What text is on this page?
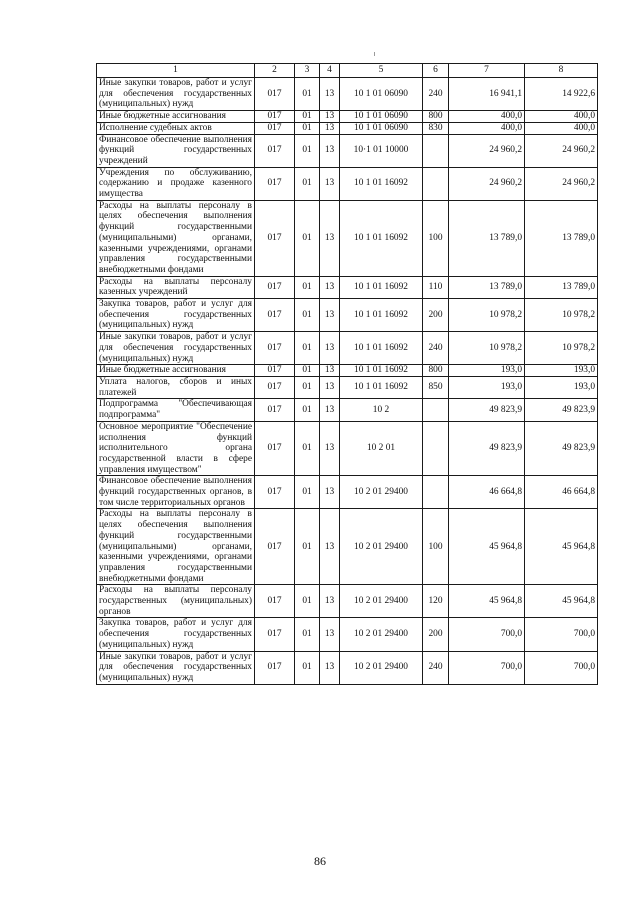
1	2	3	4	5	6	7	8
Иные закупки товаров, работ и услуг для обеспечения государственных (муниципальных) нужд	017	01	13	10 1 01 06090	240	16 941,1	14 922,6
Иные бюджетные ассигнования	017	01	13	10 1 01 06090	800	400,0	400,0
Исполнение судебных актов	017	01	13	10 1 01 06090	830	400,0	400,0
Финансовое обеспечение выполнения функций государственных учреждений	017	01	13	10·1 01 10000		24 960,2	24 960,2
Учреждения по обслуживанию, содержанию и продаже казенного имущества	017	01	13	10 1 01 16092		24 960,2	24 960,2
Расходы на выплаты персоналу в целях обеспечения выполнения функций государственными (муниципальными) органами, казенными учреждениями, органами управления государственными внебюджетными фондами	017	01	13	10 1 01 16092	100	13 789,0	13 789,0
Расходы на выплаты персоналу казенных учреждений	017	01	13	10 1 01 16092	110	13 789,0	13 789,0
Закупка товаров, работ и услуг для обеспечения государственных (муниципальных) нужд	017	01	13	10 1 01 16092	200	10 978,2	10 978,2
Иные закупки товаров, работ и услуг для обеспечения государственных (муниципальных) нужд	017	01	13	10 1 01 16092	240	10 978,2	10 978,2
Иные бюджетные ассигнования	017	01	13	10 1 01 16092	800	193,0	193,0
Уплата налогов, сборов и иных платежей	017	01	13	10 1 01 16092	850	193,0	193,0
Подпрограмма "Обеспечивающая подпрограмма"	017	01	13	10 2		49 823,9	49 823,9
Основное мероприятие "Обеспечение исполнения функций исполнительного органа государственной власти в сфере управления имуществом"	017	01	13	10 2 01		49 823,9	49 823,9
Финансовое обеспечение выполнения функций государственных органов, в том числе территориальных органов	017	01	13	10 2 01 29400		46 664,8	46 664,8
Расходы на выплаты персоналу в целях обеспечения выполнения функций государственными (муниципальными) органами, казенными учреждениями, органами управления государственными внебюджетными фондами	017	01	13	10 2 01 29400	100	45 964,8	45 964,8
Расходы на выплаты персоналу государственных (муниципальных) органов	017	01	13	10 2 01 29400	120	45 964,8	45 964,8
Закупка товаров, работ и услуг для обеспечения государственных (муниципальных) нужд	017	01	13	10 2 01 29400	200	700,0	700,0
Иные закупки товаров, работ и услуг для обеспечения государственных (муниципальных) нужд	017	01	13	10 2 01 29400	240	700,0	700,0
86
